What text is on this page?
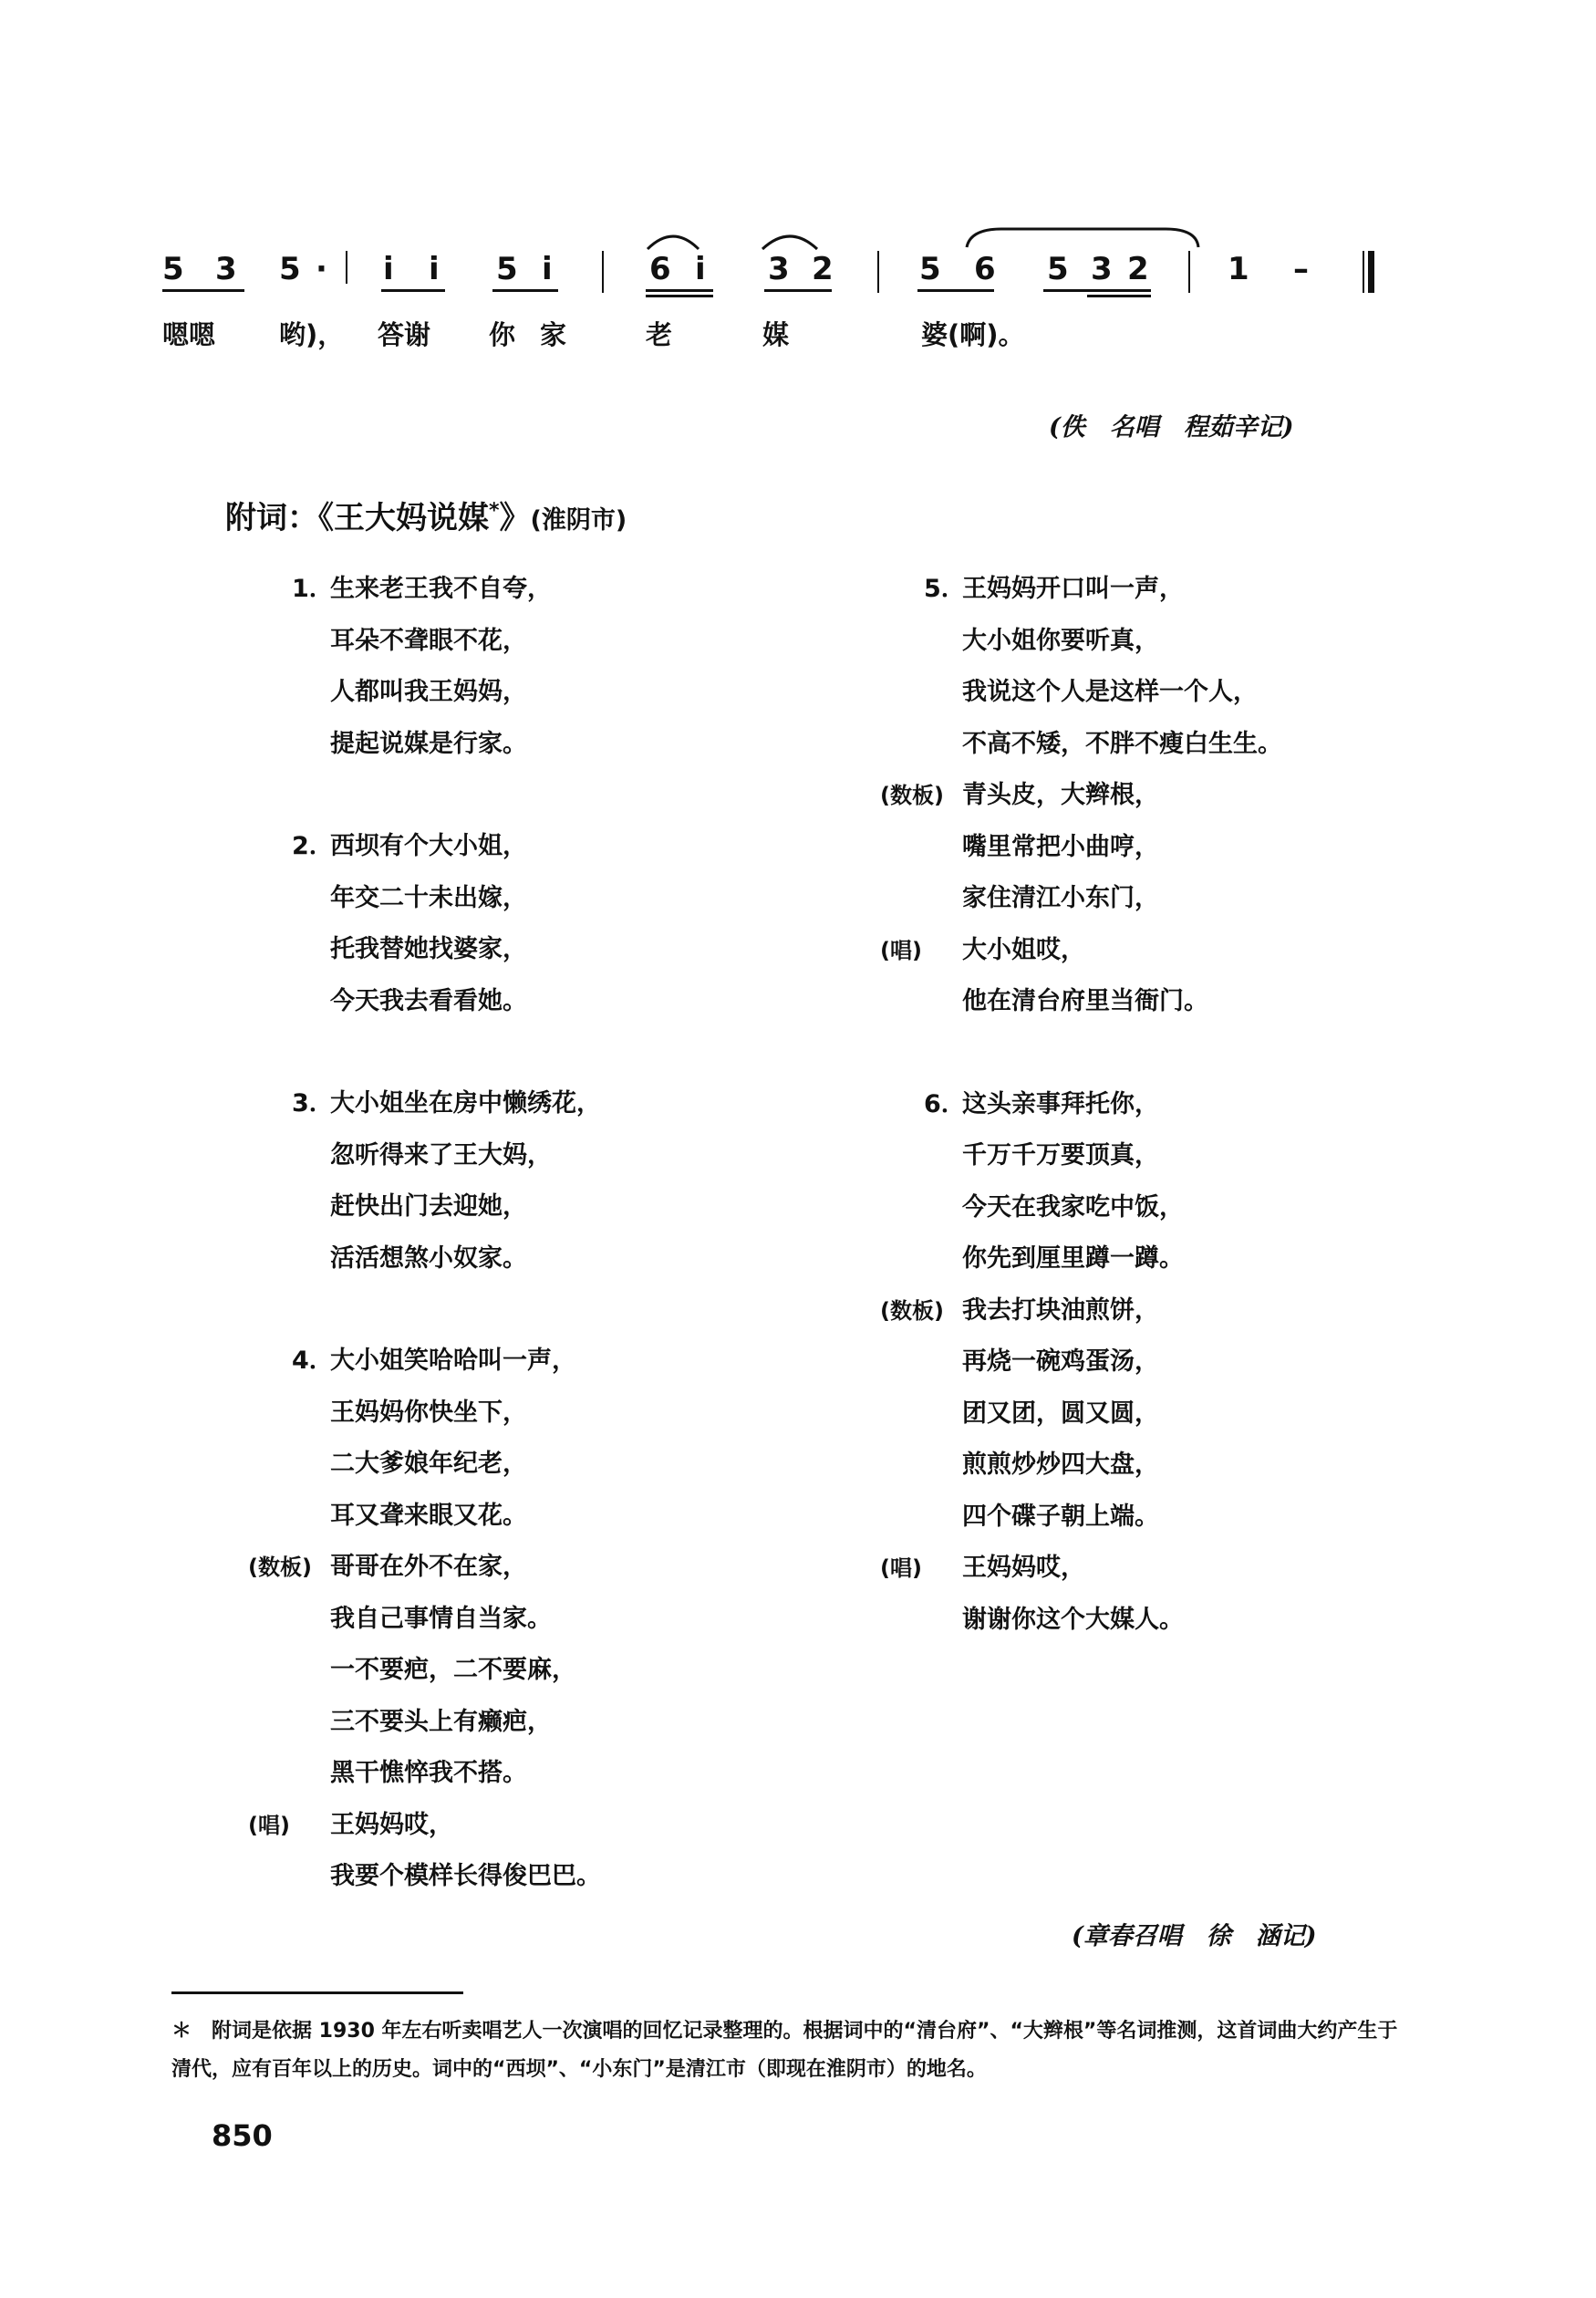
5 3 5 · i i 5 i	6 i 3 2	5 6 5 3 2	1 –
嗯嗯 哟)， 答谢 你 家	老	媒	婆(啊)。
(佚　名唱　程茹辛记)
附词：《王大妈说媒*》(淮阴市)
1．
生来老王我不自夸，
耳朵不聋眼不花，
人都叫我王妈妈，
提起说媒是行家。
2．
西坝有个大小姐，
年交二十未出嫁，
托我替她找婆家，
今天我去看看她。
3．
大小姐坐在房中懒绣花，
忽听得来了王大妈，
赶快出门去迎她，
活活想煞小奴家。
4．
大小姐笑哈哈叫一声，
王妈妈你快坐下，
二大爹娘年纪老，
耳又聋来眼又花。
(数板) 哥哥在外不在家，
我自己事情自当家。
一不要疤，二不要麻，
三不要头上有癞疤，
黑干憔悴我不搭。
(唱) 王妈妈哎，
我要个模样长得俊巴巴。
5．
王妈妈开口叫一声，
大小姐你要听真，
我说这个人是这样一个人，
不高不矮，不胖不瘦白生生。
(数板) 青头皮，大辫根，
嘴里常把小曲哼，
家住清江小东门，
(唱) 大小姐哎，
他在清台府里当衙门。
6．
这头亲事拜托你，
千万千万要顶真，
今天在我家吃中饭，
你先到厘里蹲一蹲。
(数板) 我去打块油煎饼，
再烧一碗鸡蛋汤，
团又团，圆又圆，
煎煎炒炒四大盘，
四个碟子朝上端。
(唱) 王妈妈哎，
谢谢你这个大媒人。
(章春召唱　徐　涵记)
＊　附词是依据 1930 年左右听卖唱艺人一次演唱的回忆记录整理的。根据词中的“清台府”、“大辫根”等名词推测，这首词曲大约产生于清代，应有百年以上的历史。词中的“西坝”、“小东门”是清江市（即现在淮阴市）的地名。
850
